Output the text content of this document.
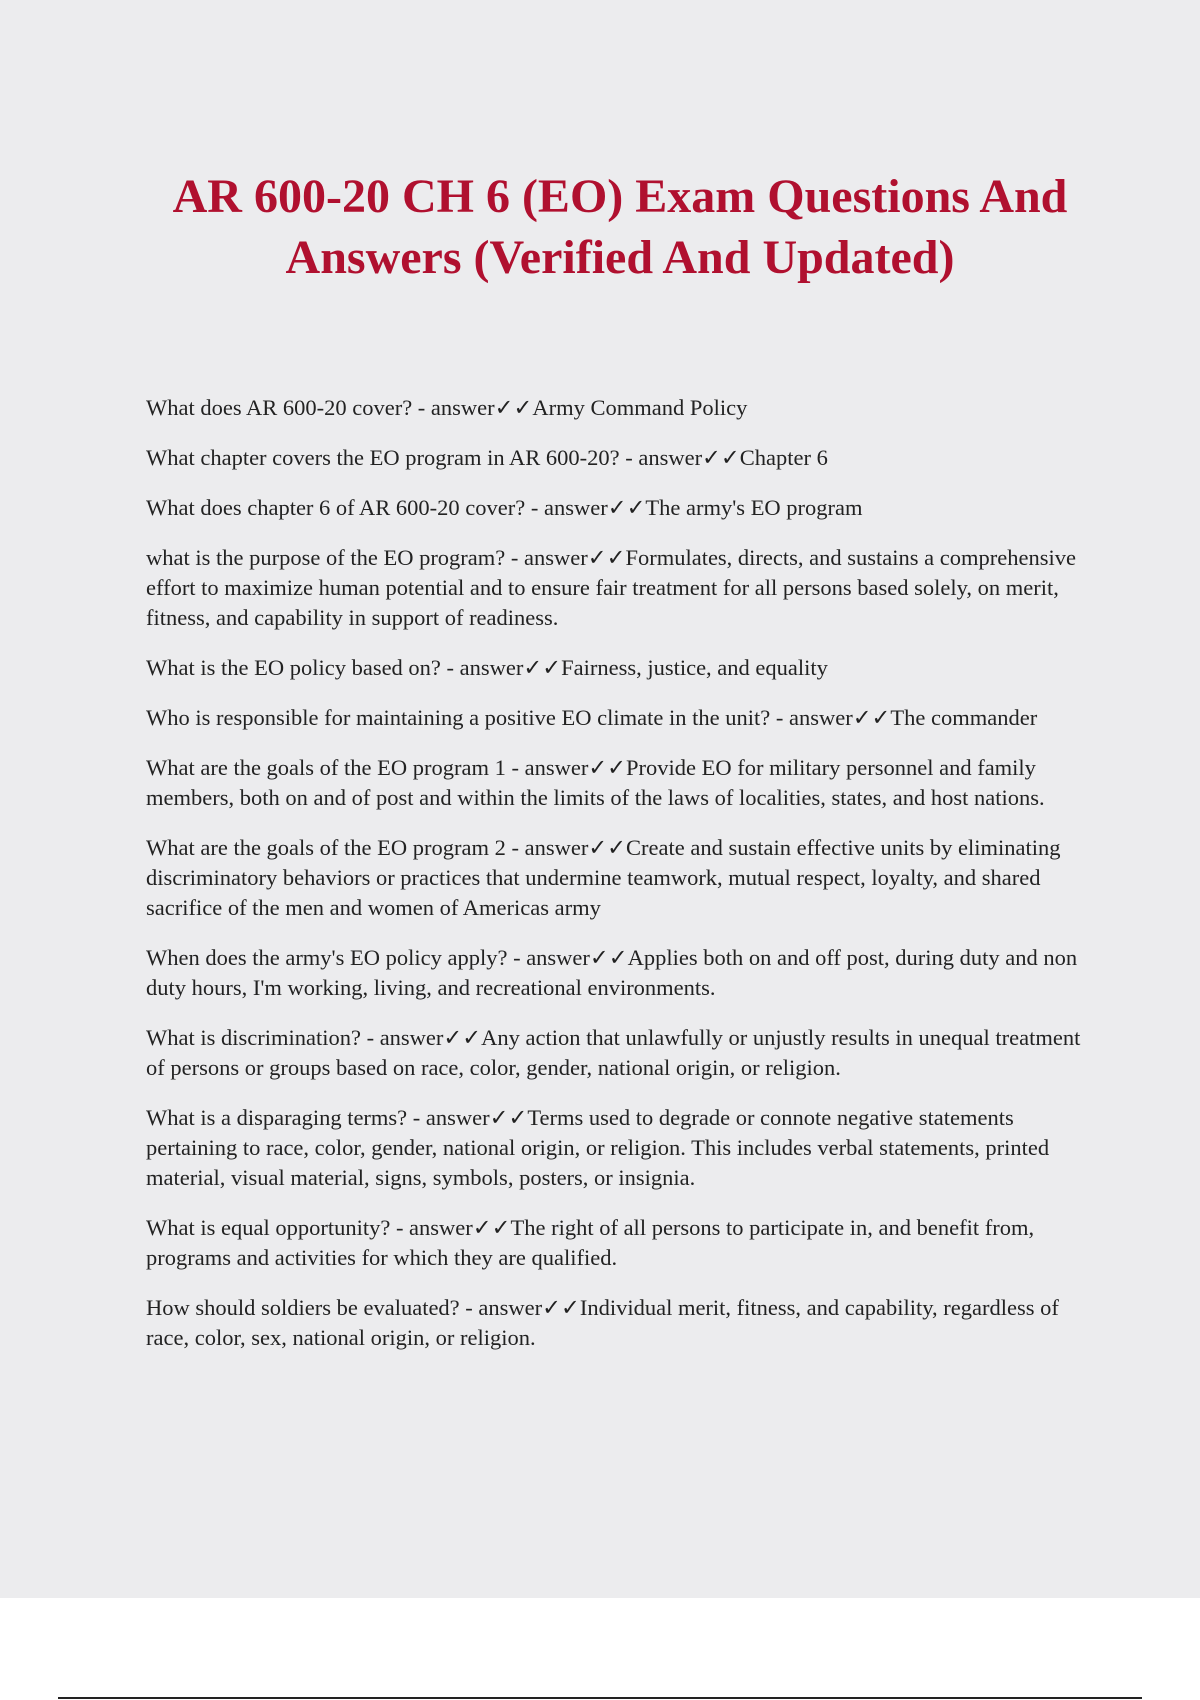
AR 600-20 CH 6 (EO) Exam Questions And Answers (Verified And Updated)

What does AR 600-20 cover? - answer✓✓Army Command Policy

What chapter covers the EO program in AR 600-20? - answer✓✓Chapter 6

What does chapter 6 of AR 600-20 cover? - answer✓✓The army's EO program

what is the purpose of the EO program? - answer✓✓Formulates, directs, and sustains a comprehensive effort to maximize human potential and to ensure fair treatment for all persons based solely, on merit, fitness, and capability in support of readiness.

What is the EO policy based on? - answer✓✓Fairness, justice, and equality

Who is responsible for maintaining a positive EO climate in the unit? - answer✓✓The commander

What are the goals of the EO program 1 - answer✓✓Provide EO for military personnel and family members, both on and of post and within the limits of the laws of localities, states, and host nations.

What are the goals of the EO program 2 - answer✓✓Create and sustain effective units by eliminating discriminatory behaviors or practices that undermine teamwork, mutual respect, loyalty, and shared sacrifice of the men and women of Americas army

When does the army's EO policy apply? - answer✓✓Applies both on and off post, during duty and non duty hours, I'm working, living, and recreational environments.

What is discrimination? - answer✓✓Any action that unlawfully or unjustly results in unequal treatment of persons or groups based on race, color, gender, national origin, or religion.

What is a disparaging terms? - answer✓✓Terms used to degrade or connote negative statements pertaining to race, color, gender, national origin, or religion. This includes verbal statements, printed material, visual material, signs, symbols, posters, or insignia.

What is equal opportunity? - answer✓✓The right of all persons to participate in, and benefit from, programs and activities for which they are qualified.

How should soldiers be evaluated? - answer✓✓Individual merit, fitness, and capability, regardless of race, color, sex, national origin, or religion.
